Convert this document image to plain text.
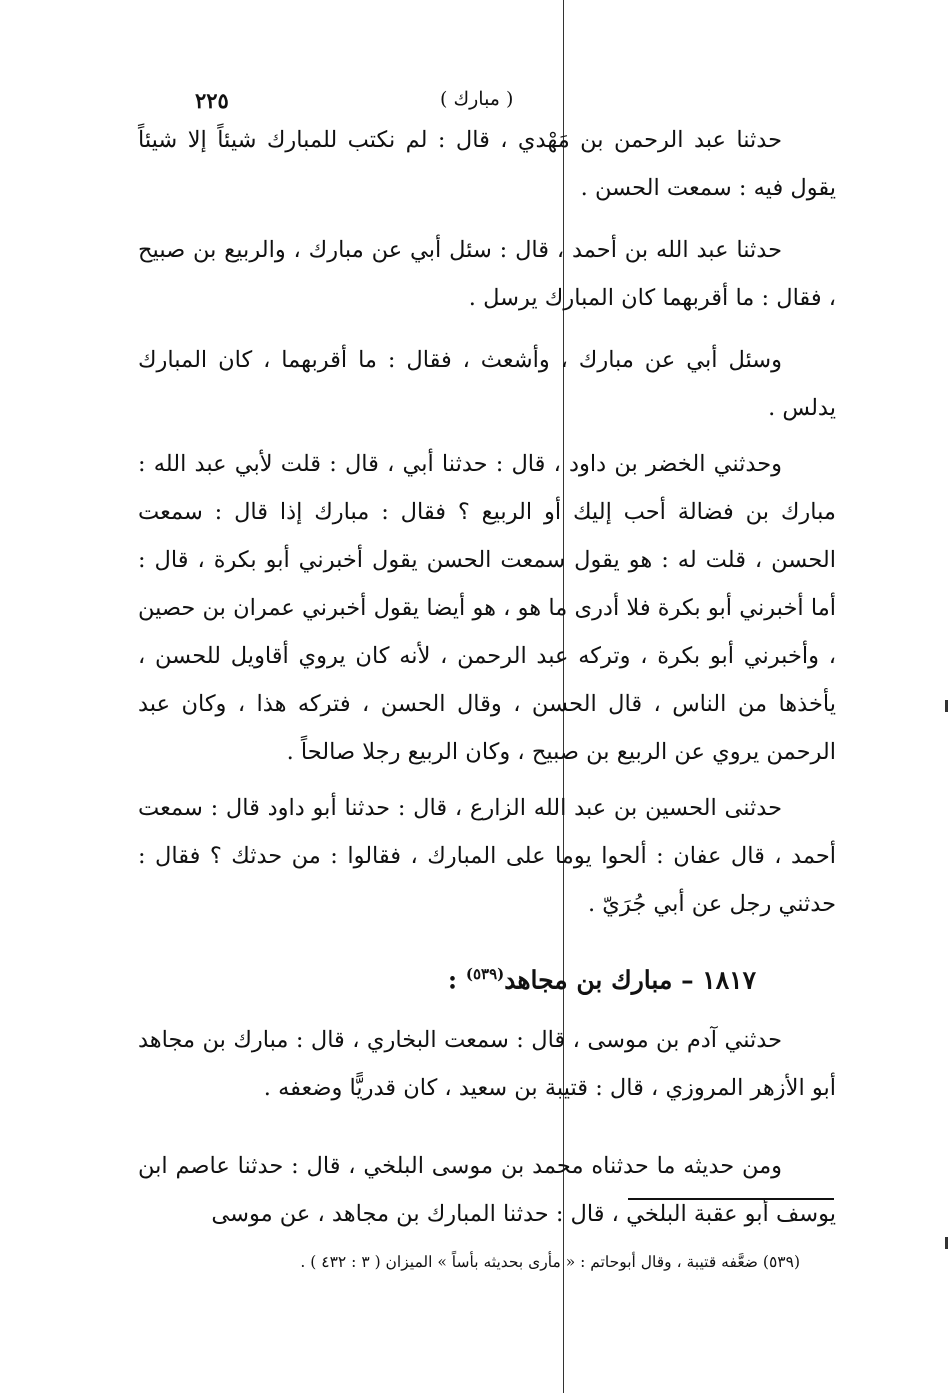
٢٢٥	( مبارك )

حدثنا عبد الرحمن بن مَهْدي ، قال : لم نكتب للمبارك شيئاً إلا شيئاً يقول فيه : سمعت الحسن .

حدثنا عبد الله بن أحمد ، قال : سئل أبي عن مبارك ، والربيع بن صبيح ، فقال : ما أقربهما كان المبارك يرسل .

وسئل أبي عن مبارك ، وأشعث ، فقال : ما أقربهما ، كان المبارك يدلس .

وحدثني الخضر بن داود ، قال : حدثنا أبي ، قال : قلت لأبي عبد الله : مبارك بن فضالة أحب إليك أو الربيع ؟ فقال : مبارك إذا قال : سمعت الحسن ، قلت له : هو يقول سمعت الحسن يقول أخبرني أبو بكرة ، قال : أما أخبرني أبو بكرة فلا أدرى ما هو ، هو أيضا يقول أخبرني عمران بن حصين ، وأخبرني أبو بكرة ، وتركه عبد الرحمن ، لأنه كان يروي أقاويل للحسن ، يأخذها من الناس ، قال الحسن ، وقال الحسن ، فتركه هذا ، وكان عبد الرحمن يروي عن الربيع بن صبيح ، وكان الربيع رجلا صالحاً .

حدثنى الحسين بن عبد الله الزارع ، قال : حدثنا أبو داود قال : سمعت أحمد ، قال عفان : ألحوا يوما على المبارك ، فقالوا : من حدثك ؟ فقال : حدثني رجل عن أبي جُرَيّ .

١٨١٧ – مبارك بن مجاهد$^{(٥٣٩)}$ :

حدثني آدم بن موسى ، قال : سمعت البخاري ، قال : مبارك بن مجاهد أبو الأزهر المروزي ، قال : قتيبة بن سعيد ، كان قدريًّا وضعفه .

ومن حديثه ما حدثناه محمد بن موسى البلخي ، قال : حدثنا عاصم ابن يوسف أبو عقبة البلخي ، قال : حدثنا المبارك بن مجاهد ، عن موسى

(٥٣٩) ضعَّفه قتيبة ، وقال أبوحاتم : « مأرى بحديثه بأساً » الميزان ( ٣ : ٤٣٢ ) .
